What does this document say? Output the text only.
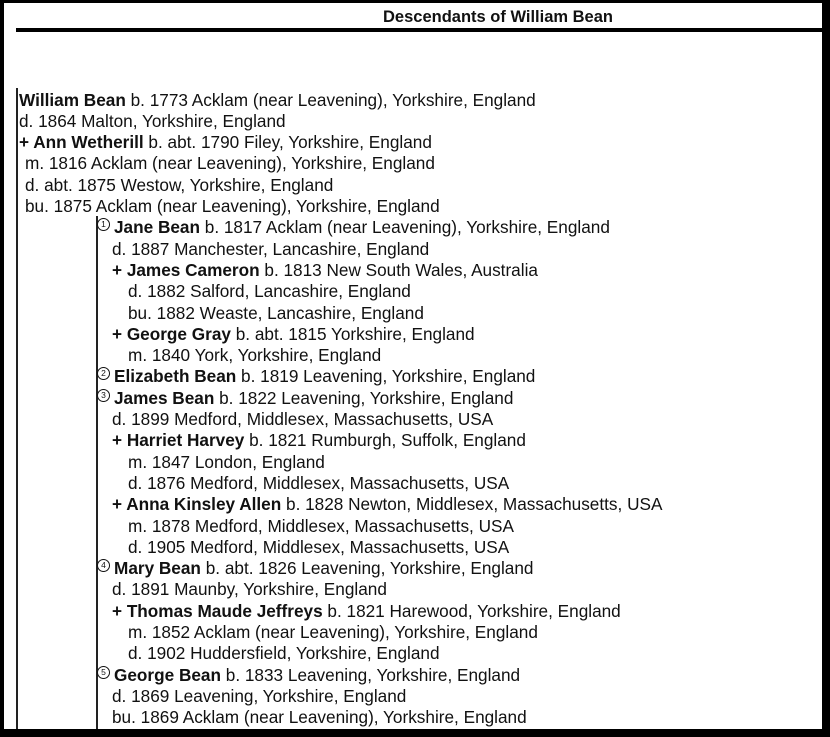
Descendants of William Bean
William Bean b. 1773 Acklam (near Leavening), Yorkshire, England
d. 1864 Malton, Yorkshire, England
+ Ann Wetherill b. abt. 1790 Filey, Yorkshire, England
m. 1816 Acklam (near Leavening), Yorkshire, England
d. abt. 1875 Westow, Yorkshire, England
bu. 1875 Acklam (near Leavening), Yorkshire, England
1 Jane Bean b. 1817 Acklam (near Leavening), Yorkshire, England
d. 1887 Manchester, Lancashire, England
+ James Cameron b. 1813 New South Wales, Australia
d. 1882 Salford, Lancashire, England
bu. 1882 Weaste, Lancashire, England
+ George Gray b. abt. 1815 Yorkshire, England
m. 1840 York, Yorkshire, England
2 Elizabeth Bean b. 1819 Leavening, Yorkshire, England
3 James Bean b. 1822 Leavening, Yorkshire, England
d. 1899 Medford, Middlesex, Massachusetts, USA
+ Harriet Harvey b. 1821 Rumburgh, Suffolk, England
m. 1847 London, England
d. 1876 Medford, Middlesex, Massachusetts, USA
+ Anna Kinsley Allen b. 1828 Newton, Middlesex, Massachusetts, USA
m. 1878 Medford, Middlesex, Massachusetts, USA
d. 1905 Medford, Middlesex, Massachusetts, USA
4 Mary Bean b. abt. 1826 Leavening, Yorkshire, England
d. 1891 Maunby, Yorkshire, England
+ Thomas Maude Jeffreys b. 1821 Harewood, Yorkshire, England
m. 1852 Acklam (near Leavening), Yorkshire, England
d. 1902 Huddersfield, Yorkshire, England
5 George Bean b. 1833 Leavening, Yorkshire, England
d. 1869 Leavening, Yorkshire, England
bu. 1869 Acklam (near Leavening), Yorkshire, England
